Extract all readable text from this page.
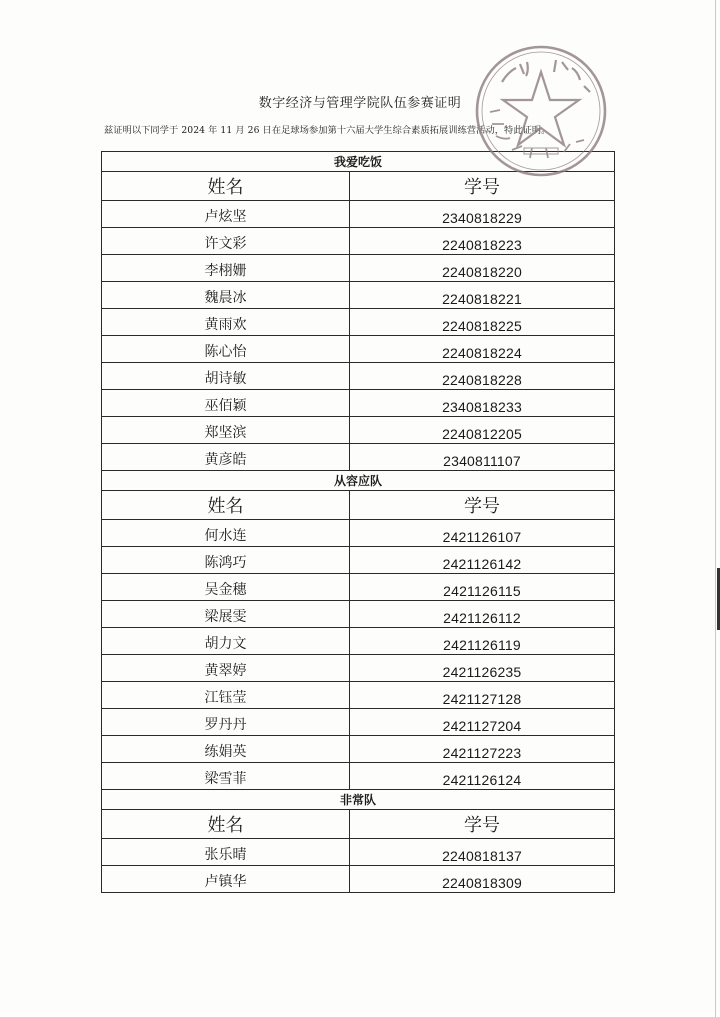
数字经济与管理学院队伍参赛证明
兹证明以下同学于 2024 年 11 月 26 日在足球场参加第十六届大学生综合素质拓展训练营活动，特此证明。
我爱吃饭	
姓名	学号
卢炫坚	2340818229
许文彩	2240818223
李栩姗	2240818220
魏晨冰	2240818221
黄雨欢	2240818225
陈心怡	2240818224
胡诗敏	2240818228
巫佰颖	2340818233
郑坚滨	2240812205
黄彦皓	2340811107
从容应队	
姓名	学号
何水连	2421126107
陈鸿巧	2421126142
吴金穗	2421126115
梁展雯	2421126112
胡力文	2421126119
黄翠婷	2421126235
江钰莹	2421127128
罗丹丹	2421127204
练娟英	2421127223
梁雪菲	2421126124
非常队	
姓名	学号
张乐晴	2240818137
卢镇华	2240818309
